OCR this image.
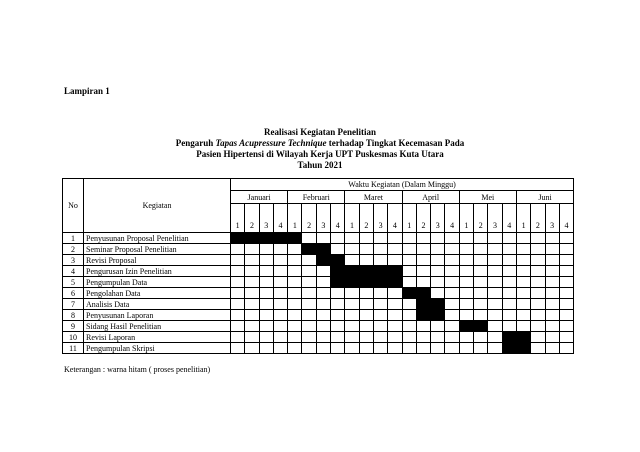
Lampiran 1
Realisasi Kegiatan Penelitian
Pengaruh Tapas Acupressure Technique terhadap Tingkat Kecemasan Pada
Pasien Hipertensi di Wilayah Kerja UPT Puskesmas Kuta Utara
Tahun 2021
No	Kegiatan	Waktu Kegiatan (Dalam Minggu)																							
		Januari				Februari				Maret				April				Mei				Juni			
		1	2	3	4	1	2	3	4	1	2	3	4	1	2	3	4	1	2	3	4	1	2	3	4
1	Penyusunan Proposal Penelitian																								
2	Seminar Proposal Penelitian																								
3	Revisi Proposal																								
4	Pengurusan Izin Penelitian																								
5	Pengumpulan Data																								
6	Pengolahan Data																								
7	Analisis Data																								
8	Penyusunan Laporan																								
9	Sidang Hasil Penelitian																								
10	Revisi Laporan																								
11	Pengumpulan Skripsi																								
Keterangan : warna hitam ( proses penelitian)
